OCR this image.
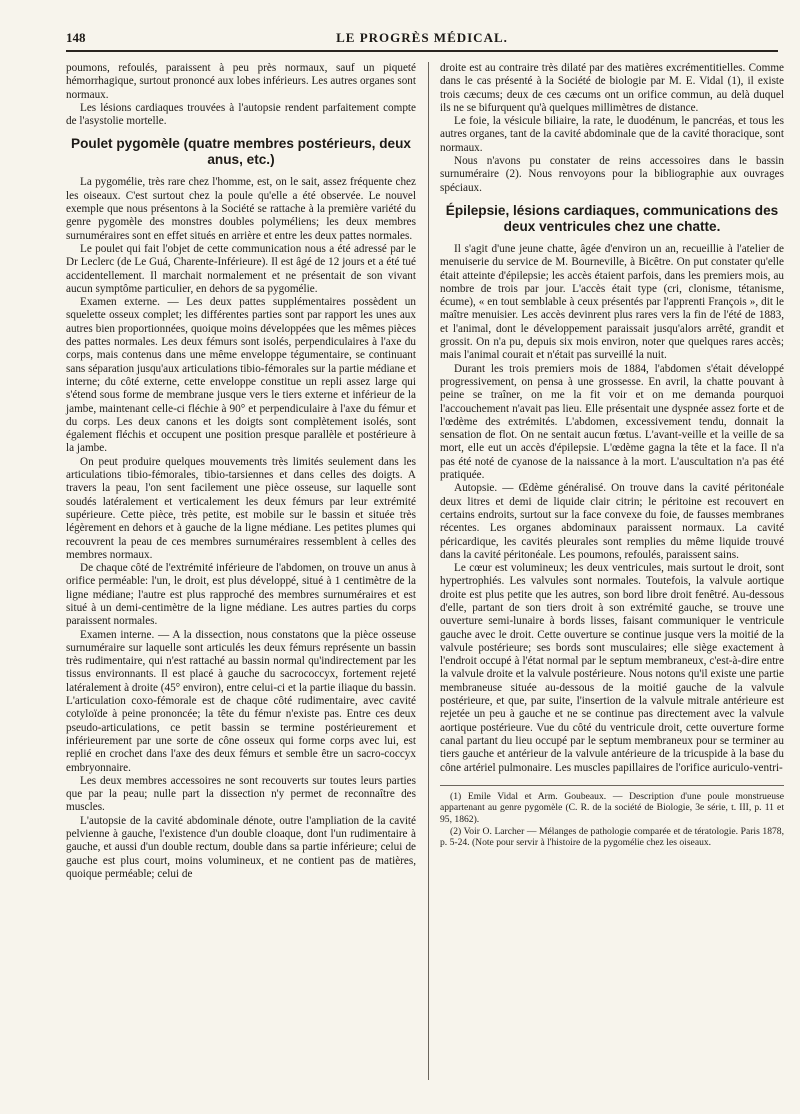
148	LE PROGRÈS MÉDICAL.

poumons, refoulés, paraissent à peu près normaux, sauf un piqueté hémorrhagique, surtout prononcé aux lobes inférieurs. Les autres organes sont normaux.

Les lésions cardiaques trouvées à l'autopsie rendent parfaitement compte de l'asystolie mortelle.

Poulet pygomèle (quatre membres postérieurs, deux anus, etc.)

La pygomélie, très rare chez l'homme, est, on le sait, assez fréquente chez les oiseaux. C'est surtout chez la poule qu'elle a été observée. Le nouvel exemple que nous présentons à la Société se rattache à la première variété du genre pygomèle des monstres doubles polyméliens; les deux membres surnuméraires sont en effet situés en arrière et entre les deux pattes normales.

Le poulet qui fait l'objet de cette communication nous a été adressé par le Dr Leclerc (de Le Guá, Charente-Inférieure). Il est âgé de 12 jours et a été tué accidentellement. Il marchait normalement et ne présentait de son vivant aucun symptôme particulier, en dehors de sa pygomélie.

Examen externe. — Les deux pattes supplémentaires possèdent un squelette osseux complet; les différentes parties sont par rapport les unes aux autres bien proportionnées, quoique moins développées que les mêmes pièces des pattes normales. Les deux fémurs sont isolés, perpendiculaires à l'axe du corps, mais contenus dans une même enveloppe tégumentaire, se continuant sans séparation jusqu'aux articulations tibio-fémorales sur la partie médiane et interne; du côté externe, cette enveloppe constitue un repli assez large qui s'étend sous forme de membrane jusque vers le tiers externe et inférieur de la jambe, maintenant celle-ci fléchie à 90° et perpendiculaire à l'axe du fémur et du corps. Les deux canons et les doigts sont complètement isolés, sont également fléchis et occupent une position presque parallèle et postérieure à la jambe.

On peut produire quelques mouvements très limités seulement dans les articulations tibio-fémorales, tibio-tarsiennes et dans celles des doigts. A travers la peau, l'on sent facilement une pièce osseuse, sur laquelle sont soudés latéralement et verticalement les deux fémurs par leur extrémité supérieure. Cette pièce, très petite, est mobile sur le bassin et située très légèrement en dehors et à gauche de la ligne médiane. Les petites plumes qui recouvrent la peau de ces membres surnuméraires ressemblent à celles des membres normaux.

De chaque côté de l'extrémité inférieure de l'abdomen, on trouve un anus à orifice perméable: l'un, le droit, est plus développé, situé à 1 centimètre de la ligne médiane; l'autre est plus rapproché des membres surnuméraires et est situé à un demi-centimètre de la ligne médiane. Les autres parties du corps paraissent normales.

Examen interne. — A la dissection, nous constatons que la pièce osseuse surnuméraire sur laquelle sont articulés les deux fémurs représente un bassin très rudimentaire, qui n'est rattaché au bassin normal qu'indirectement par les tissus environnants. Il est placé à gauche du sacrococcyx, fortement rejeté latéralement à droite (45° environ), entre celui-ci et la partie iliaque du bassin. L'articulation coxo-fémorale est de chaque côté rudimentaire, avec cavité cotyloïde à peine prononcée; la tête du fémur n'existe pas. Entre ces deux pseudo-articulations, ce petit bassin se termine postérieurement et inférieurement par une sorte de cône osseux qui forme corps avec lui, est replié en crochet dans l'axe des deux fémurs et semble être un sacro-coccyx embryonnaire.

Les deux membres accessoires ne sont recouverts sur toutes leurs parties que par la peau; nulle part la dissection n'y permet de reconnaître des muscles.

L'autopsie de la cavité abdominale dénote, outre l'ampliation de la cavité pelvienne à gauche, l'existence d'un double cloaque, dont l'un rudimentaire à gauche, et aussi d'un double rectum, double dans sa partie inférieure; celui de gauche est plus court, moins volumineux, et ne contient pas de matières, quoique perméable; celui de

droite est au contraire très dilaté par des matières excrémentitielles. Comme dans le cas présenté à la Société de biologie par M. E. Vidal (1), il existe trois cæcums; deux de ces cæcums ont un orifice commun, au delà duquel ils ne se bifurquent qu'à quelques millimètres de distance.

Le foie, la vésicule biliaire, la rate, le duodénum, le pancréas, et tous les autres organes, tant de la cavité abdominale que de la cavité thoracique, sont normaux.

Nous n'avons pu constater de reins accessoires dans le bassin surnuméraire (2). Nous renvoyons pour la bibliographie aux ouvrages spéciaux.

Épilepsie, lésions cardiaques, communications des deux ventricules chez une chatte.

Il s'agit d'une jeune chatte, âgée d'environ un an, recueillie à l'atelier de menuiserie du service de M. Bourneville, à Bicêtre. On put constater qu'elle était atteinte d'épilepsie; les accès étaient parfois, dans les premiers mois, au nombre de trois par jour. L'accès était type (cri, clonisme, tétanisme, écume), « en tout semblable à ceux présentés par l'apprenti François », dit le maître menuisier. Les accès devinrent plus rares vers la fin de l'été de 1883, et l'animal, dont le développement paraissait jusqu'alors arrêté, grandit et grossit. On n'a pu, depuis six mois environ, noter que quelques rares accès; mais l'animal courait et n'était pas surveillé la nuit.

Durant les trois premiers mois de 1884, l'abdomen s'était développé progressivement, on pensa à une grossesse. En avril, la chatte pouvant à peine se traîner, on me la fit voir et on me demanda pourquoi l'accouchement n'avait pas lieu. Elle présentait une dyspnée assez forte et de l'œdème des extrémités. L'abdomen, excessivement tendu, donnait la sensation de flot. On ne sentait aucun fœtus. L'avant-veille et la veille de sa mort, elle eut un accès d'épilepsie. L'œdème gagna la tête et la face. Il n'a pas été noté de cyanose de la naissance à la mort. L'auscultation n'a pas été pratiquée.

Autopsie. — Œdème généralisé. On trouve dans la cavité péritonéale deux litres et demi de liquide clair citrin; le péritoine est recouvert en certains endroits, surtout sur la face convexe du foie, de fausses membranes récentes. Les organes abdominaux paraissent normaux. La cavité péricardique, les cavités pleurales sont remplies du même liquide trouvé dans la cavité péritonéale. Les poumons, refoulés, paraissent sains.

Le cœur est volumineux; les deux ventricules, mais surtout le droit, sont hypertrophiés. Les valvules sont normales. Toutefois, la valvule aortique droite est plus petite que les autres, son bord libre droit fenêtré. Au-dessous d'elle, partant de son tiers droit à son extrémité gauche, se trouve une ouverture semi-lunaire à bords lisses, faisant communiquer le ventricule gauche avec le droit. Cette ouverture se continue jusque vers la moitié de la valvule postérieure; ses bords sont musculaires; elle siège exactement à l'endroit occupé à l'état normal par le septum membraneux, c'est-à-dire entre la valvule droite et la valvule postérieure. Nous notons qu'il existe une partie membraneuse située au-dessous de la moitié gauche de la valvule postérieure, et que, par suite, l'insertion de la valvule mitrale antérieure est rejetée un peu à gauche et ne se continue pas directement avec la valvule aortique postérieure. Vue du côté du ventricule droit, cette ouverture forme canal partant du lieu occupé par le septum membraneux pour se terminer au tiers gauche et antérieur de la valvule antérieure de la tricuspide à la base du cône artériel pulmonaire. Les muscles papillaires de l'orifice auriculo-ventri-

(1) Emile Vidal et Arm. Goubeaux. — Description d'une poule monstrueuse appartenant au genre pygomèle (C. R. de la société de Biologie, 3e série, t. III, p. 11 et 95, 1862).

(2) Voir O. Larcher — Mélanges de pathologie comparée et de tératologie. Paris 1878, p. 5-24. (Note pour servir à l'histoire de la pygomélie chez les oiseaux.
